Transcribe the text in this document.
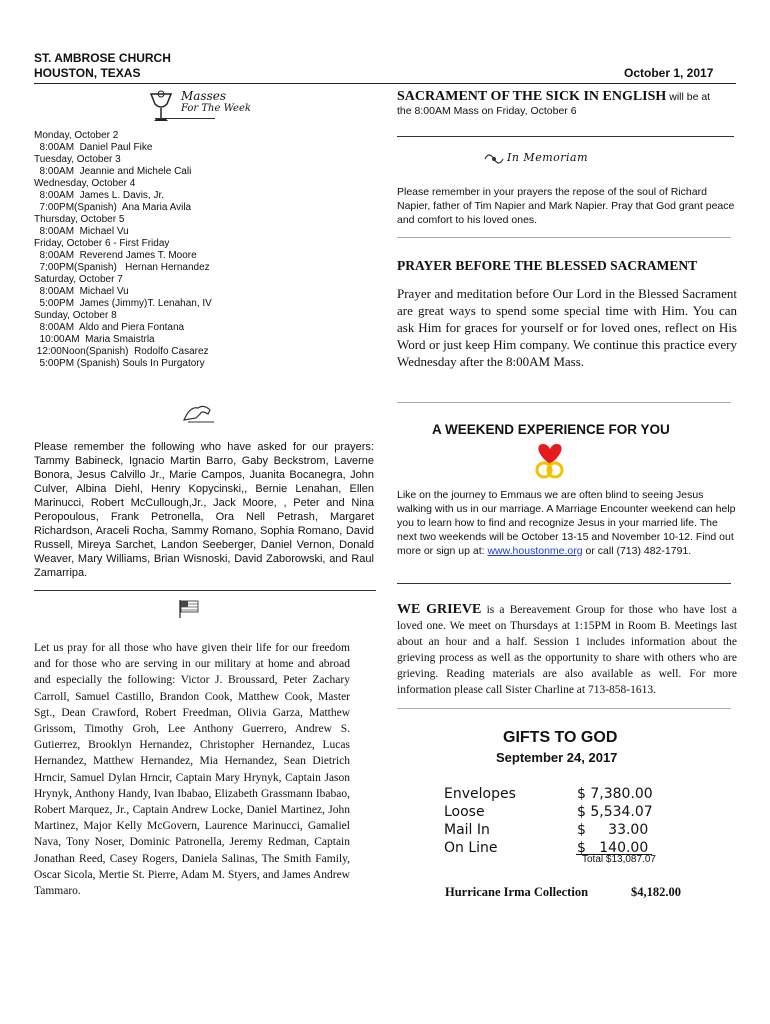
ST. AMBROSE CHURCH
HOUSTON, TEXAS	October 1, 2017
Masses
For The Week
Monday, October 2
8:00AM  Daniel Paul Fike
Tuesday, October 3
8:00AM  Jeannie and Michele Cali
Wednesday, October 4
8:00AM  James L. Davis, Jr.
7:00PM(Spanish)  Ana Maria Avila
Thursday, October 5
8:00AM  Michael Vu
Friday, October 6 - First Friday
8:00AM  Reverend James T. Moore
7:00PM(Spanish)   Hernan Hernandez
Saturday, October 7
8:00AM  Michael Vu
5:00PM  James (Jimmy)T. Lenahan, IV
Sunday, October 8
8:00AM  Aldo and Piera Fontana
10:00AM  Maria Smaistrla
12:00Noon(Spanish)  Rodolfo Casarez
5:00PM (Spanish) Souls In Purgatory
Please remember the following who have asked for our prayers: Tammy Babineck, Ignacio Martin Barro, Gaby Beckstrom, Laverne Bonora, Jesus Calvillo Jr., Marie Campos, Juanita Bocanegra, John Culver, Albina Diehl, Henry Kopycinski,, Bernie Lenahan, Ellen Marinucci, Robert McCullough,Jr., Jack Moore, , Peter and Nina Peropoulous, Frank Petronella, Ora Nell Petrash, Margaret Richardson, Araceli Rocha, Sammy Romano, Sophia Romano, David Russell, Mireya Sarchet, Landon Seeberger, Daniel Vernon, Donald Weaver, Mary Williams, Brian Wisnoski, David Zaborowski, and Raul Zamarripa.
Let us pray for all those who have given their life for our freedom and for those who are serving in our military at home and abroad and especially the following: Victor J. Broussard, Peter Zachary Carroll, Samuel Castillo, Brandon Cook, Matthew Cook, Master Sgt., Dean Crawford, Robert Freedman, Olivia Garza, Matthew Grissom, Timothy Groh, Lee Anthony Guerrero, Andrew S. Gutierrez, Brooklyn Hernandez, Christopher Hernandez, Lucas Hernandez, Matthew Hernandez, Mia Hernandez, Sean Dietrich Hrncir, Samuel Dylan Hrncir, Captain Mary Hrynyk, Captain Jason Hrynyk, Anthony Handy, Ivan Ibabao, Elizabeth Grassmann Ibabao, Robert Marquez, Jr., Captain Andrew Locke, Daniel Martinez, John Martinez, Major Kelly McGovern, Laurence Marinucci, Gamaliel Nava, Tony Noser, Dominic Patronella, Jeremy Redman, Captain Jonathan Reed, Casey Rogers, Daniela Salinas, The Smith Family, Oscar Sicola, Mertie St. Pierre, Adam M. Styers, and James Andrew Tammaro.
SACRAMENT OF THE SICK IN ENGLISH will be at
the 8:00AM Mass on Friday, October 6
In Memoriam
Please remember in your prayers the repose of the soul of Richard Napier, father of Tim Napier and Mark Napier. Pray that God grant peace and comfort to his loved ones.
PRAYER BEFORE THE BLESSED SACRAMENT
Prayer and meditation before Our Lord in the Blessed Sacrament are great ways to spend some special time with Him. You can ask Him for graces for yourself or for loved ones, reflect on His Word or just keep Him company. We continue this practice every Wednesday after the 8:00AM Mass.
A WEEKEND EXPERIENCE FOR YOU
Like on the journey to Emmaus we are often blind to seeing Jesus walking with us in our marriage. A Marriage Encounter weekend can help you to learn how to find and recognize Jesus in your married life. The next two weekends will be October 13-15 and November 10-12. Find out more or sign up at: www.houstonme.org or call (713) 482-1791.
WE GRIEVE is a Bereavement Group for those who have lost a loved one. We meet on Thursdays at 1:15PM in Room B. Meetings last about an hour and a half. Session 1 includes information about the grieving process as well as the opportunity to share with others who are grieving. Reading materials are also available as well. For more information please call Sister Charline at 713-858-1613.
GIFTS TO GOD
September 24, 2017
Envelopes	$ 7,380.00
Loose	$ 5,534.07
Mail In	$     33.00
On Line	$   140.00
Total $13,087.07
Hurricane Irma Collection	$4,182.00
